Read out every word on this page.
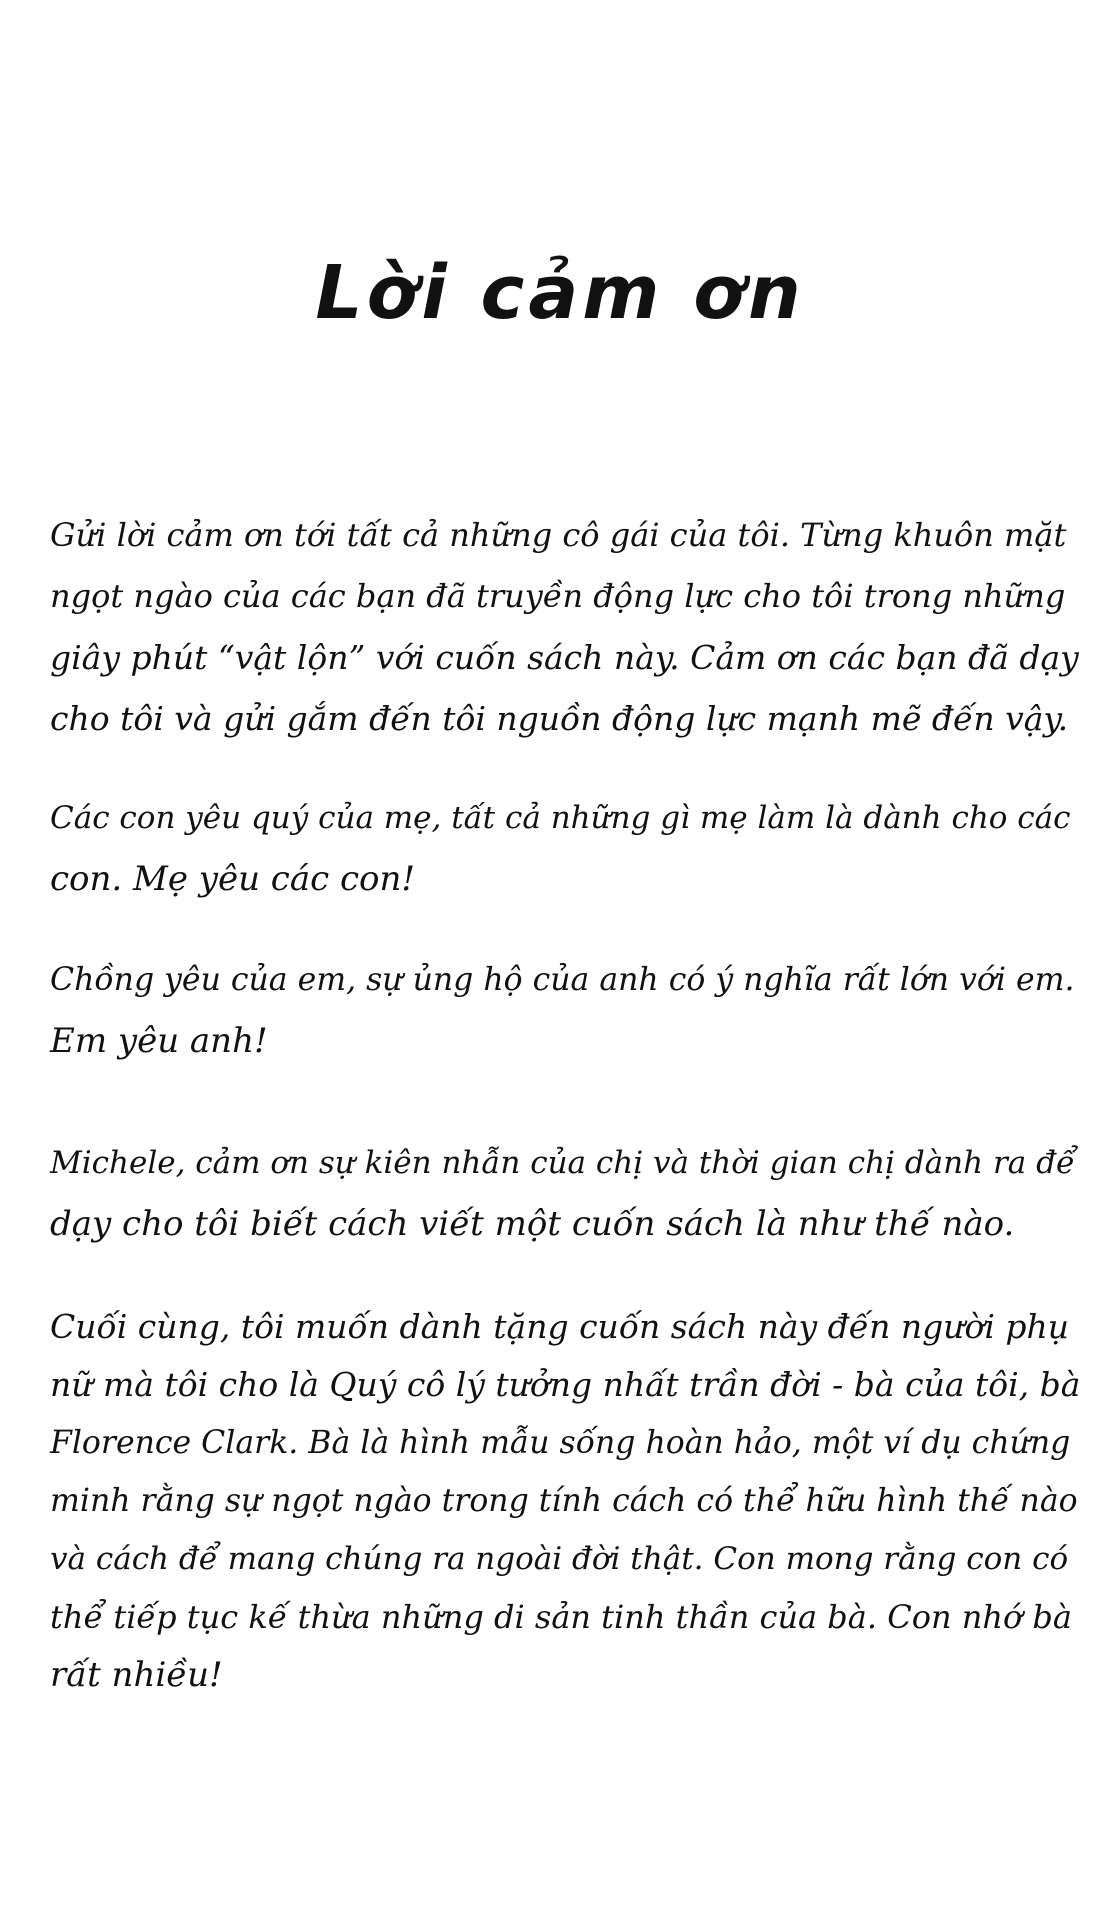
Lời cảm ơn

Gửi lời cảm ơn tới tất cả những cô gái của tôi. Từng khuôn mặt
ngọt ngào của các bạn đã truyền động lực cho tôi trong những
giây phút “vật lộn” với cuốn sách này. Cảm ơn các bạn đã dạy
cho tôi và gửi gắm đến tôi nguồn động lực mạnh mẽ đến vậy.

Các con yêu quý của mẹ, tất cả những gì mẹ làm là dành cho các
con. Mẹ yêu các con!

Chồng yêu của em, sự ủng hộ của anh có ý nghĩa rất lớn với em.
Em yêu anh!

Michele, cảm ơn sự kiên nhẫn của chị và thời gian chị dành ra để
dạy cho tôi biết cách viết một cuốn sách là như thế nào.

Cuối cùng, tôi muốn dành tặng cuốn sách này đến người phụ
nữ mà tôi cho là Quý cô lý tưởng nhất trần đời - bà của tôi, bà
Florence Clark. Bà là hình mẫu sống hoàn hảo, một ví dụ chứng
minh rằng sự ngọt ngào trong tính cách có thể hữu hình thế nào
và cách để mang chúng ra ngoài đời thật. Con mong rằng con có
thể tiếp tục kế thừa những di sản tinh thần của bà. Con nhớ bà
rất nhiều!
